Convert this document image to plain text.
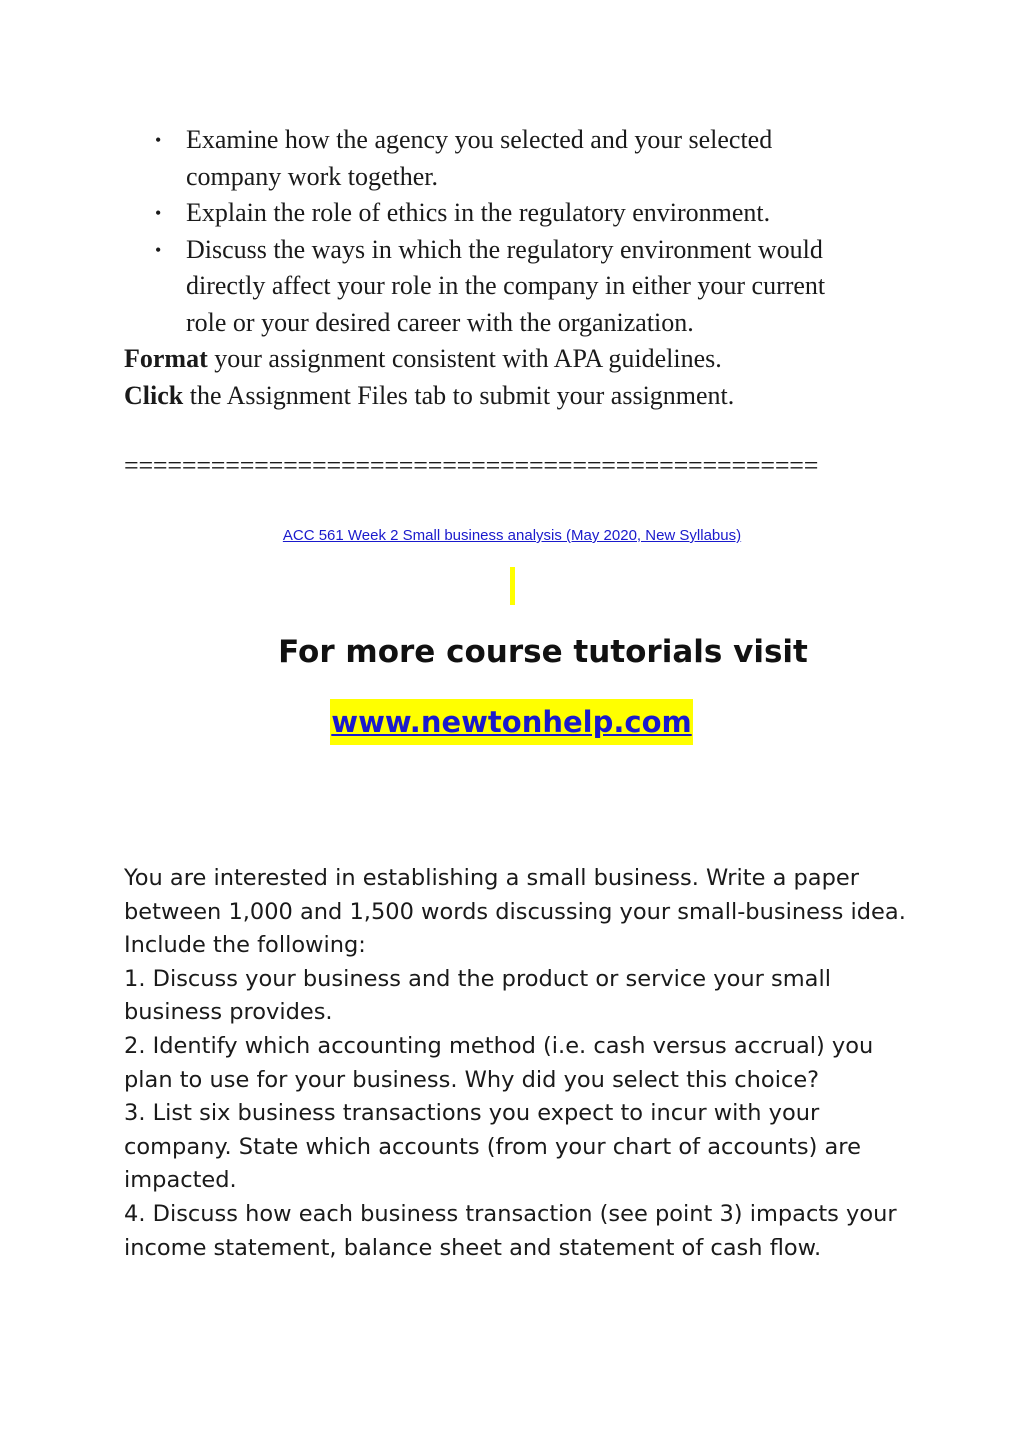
• Examine how the agency you selected and your selected
company work together.
• Explain the role of ethics in the regulatory environment.
• Discuss the ways in which the regulatory environment would
directly affect your role in the company in either your current
role or your desired career with the organization.
Format your assignment consistent with APA guidelines.
Click the Assignment Files tab to submit your assignment.
================================================
ACC 561 Week 2 Small business analysis (May 2020, New Syllabus)
For more course tutorials visit
www.newtonhelp.com
You are interested in establishing a small business. Write a paper
between 1,000 and 1,500 words discussing your small-business idea.
Include the following:
1. Discuss your business and the product or service your small
business provides.
2. Identify which accounting method (i.e. cash versus accrual) you
plan to use for your business. Why did you select this choice?
3. List six business transactions you expect to incur with your
company. State which accounts (from your chart of accounts) are
impacted.
4. Discuss how each business transaction (see point 3) impacts your
income statement, balance sheet and statement of cash flow.
